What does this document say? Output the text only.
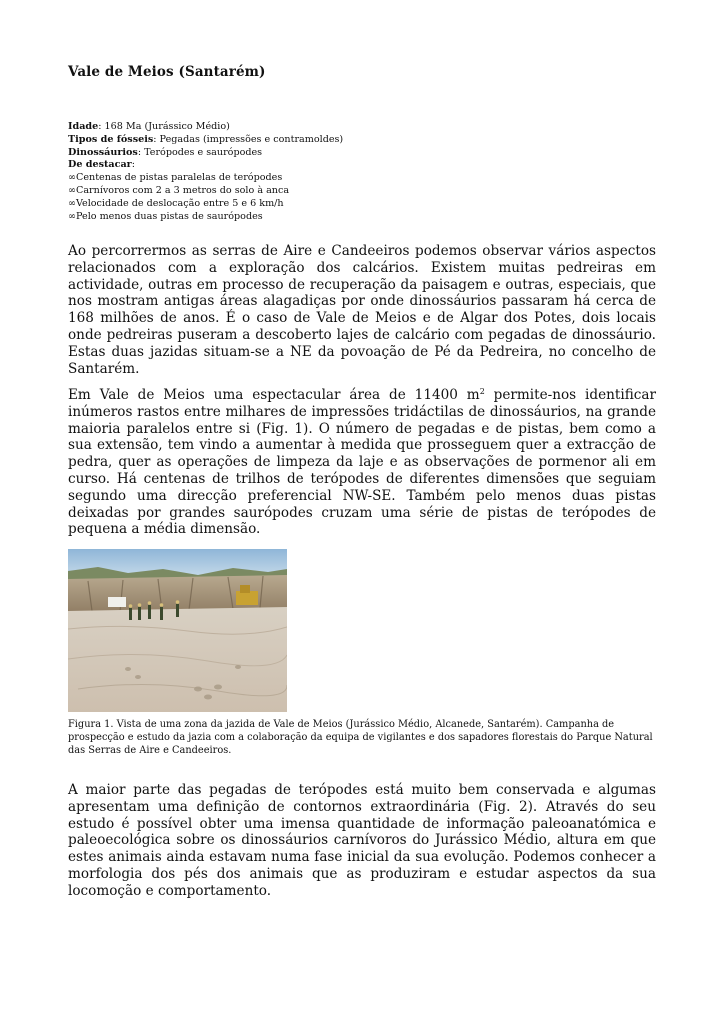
Vale de Meios (Santarém)
Idade: 168 Ma (Jurássico Médio)
Tipos de fósseis: Pegadas (impressões e contramoldes)
Dinossáurios: Terópodes e saurópodes
De destacar:
∞Centenas de pistas paralelas de terópodes
∞Carnívoros com 2 a 3 metros do solo à anca
∞Velocidade de deslocação entre 5 e 6 km/h
∞Pelo menos duas pistas de saurópodes

Ao percorrermos as serras de Aire e Candeeiros podemos observar vários aspectos relacionados com a exploração dos calcários. Existem muitas pedreiras em actividade, outras em processo de recuperação da paisagem e outras, especiais, que nos mostram antigas áreas alagadiças por onde dinossáurios passaram há cerca de 168 milhões de anos. É o caso de Vale de Meios e de Algar dos Potes, dois locais onde pedreiras puseram a descoberto lajes de calcário com pegadas de dinossáurio. Estas duas jazidas situam-se a NE da povoação de Pé da Pedreira, no concelho de Santarém.

Em Vale de Meios uma espectacular área de 11400 $m^2$ permite-nos identificar inúmeros rastos entre milhares de impressões tridáctilas de dinossáurios, na grande maioria paralelos entre si (Fig. 1). O número de pegadas e de pistas, bem como a sua extensão, tem vindo a aumentar à medida que prosseguem quer a extracção de pedra, quer as operações de limpeza da laje e as observações de pormenor ali em curso. Há centenas de trilhos de terópodes de diferentes dimensões que seguiam segundo uma direcção preferencial NW-SE. Também pelo menos duas pistas deixadas por grandes saurópodes cruzam uma série de pistas de terópodes de pequena a média dimensão.

Figura 1. Vista de uma zona da jazida de Vale de Meios (Jurássico Médio, Alcanede, Santarém). Campanha de prospecção e estudo da jazia com a colaboração da equipa de vigilantes e dos sapadores florestais do Parque Natural das Serras de Aire e Candeeiros.

A maior parte das pegadas de terópodes está muito bem conservada e algumas apresentam uma definição de contornos extraordinária (Fig. 2). Através do seu estudo é possível obter uma imensa quantidade de informação paleoanatómica e paleoecológica sobre os dinossáurios carnívoros do Jurássico Médio, altura em que estes animais ainda estavam numa fase inicial da sua evolução. Podemos conhecer a morfologia dos pés dos animais que as produziram e estudar aspectos da sua locomoção e comportamento.
